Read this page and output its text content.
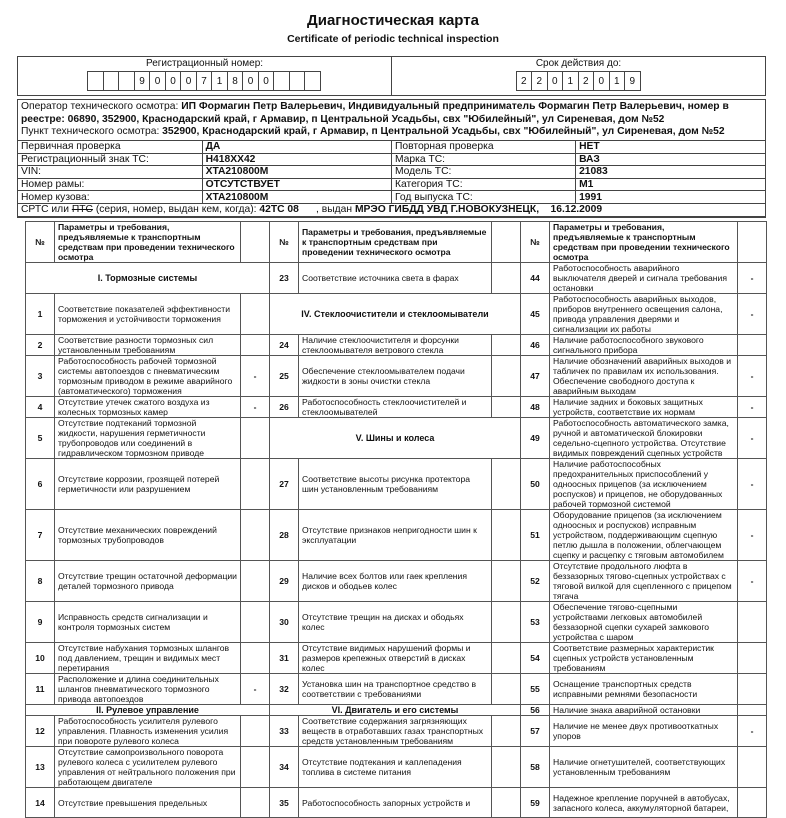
Диагностическая карта
Certificate of periodic technical inspection
Регистрационный номер:
9 0 0 0 7 1 8 0 0
Срок действия до:
2 2 0 1 2 0 1 9
Оператор технического осмотра: ИП Формагин Петр Валерьевич, Индивидуальный предприниматель Формагин Петр Валерьевич, номер в реестре: 06890, 352900, Краснодарский край, г Армавир, п Центральной Усадьбы, свх "Юбилейный", ул Сиреневая, дом №52
Пункт технического осмотра: 352900, Краснодарский край, г Армавир, п Центральной Усадьбы, свх "Юбилейный", ул Сиреневая, дом №52
Первичная проверка	ДА	Повторная проверка	НЕТ
Регистрационный знак ТС:	Н418ХХ42	Марка ТС:	ВАЗ
VIN:	XTA210800M	Модель ТС:	21083
Номер рамы:	ОТСУТСТВУЕТ	Категория ТС:	M1
Номер кузова:	XTA210800M	Год выпуска ТС:	1991
СРТС или ПТС (серия, номер, выдан кем, когда): 42ТС 08      , выдан МРЭО ГИБДД УВД Г.НОВОКУЗНЕЦК, 16.12.2009			
№	Параметры и требования, предъявляемые к транспортным средствам при проведении технического осмотра		№	Параметры и требования, предъявляемые к транспортным средствам при проведении технического осмотра		№	Параметры и требования, предъявляемые к транспортным средствам при проведении технического осмотра	
I. Тормозные системы			23	Соответствие источника света в фарах		44	Работоспособность аварийного выключателя дверей и сигнала требования остановки	-
1	Соответствие показателей эффективности торможения и устойчивости торможения		IV. Стеклоочистители и стеклоомыватели			45	Работоспособность аварийных выходов, приборов внутреннего освещения салона, привода управления дверями и сигнализации их работы	-
2	Соответствие разности тормозных сил установленным требованиям		24	Наличие стеклоочистителя и форсунки стеклоомывателя ветрового стекла		46	Наличие работоспособного звукового сигнального прибора	
3	Работоспособность рабочей тормозной системы автопоездов с пневматическим тормозным приводом в режиме аварийного (автоматического) торможения	-	25	Обеспечение стеклоомывателем подачи жидкости в зоны очистки стекла		47	Наличие обозначений аварийных выходов и табличек по правилам их использования. Обеспечение свободного доступа к аварийным выходам	-
4	Отсутствие утечек сжатого воздуха из колесных тормозных камер	-	26	Работоспособность стеклоочистителей и стеклоомывателей		48	Наличие задних и боковых защитных устройств, соответствие их нормам	-
5	Отсутствие подтеканий тормозной жидкости, нарушения герметичности трубопроводов или соединений в гидравлическом тормозном приводе		V. Шины и колеса			49	Работоспособность автоматического замка, ручной и автоматической блокировки седельно-сцепного устройства. Отсутствие видимых повреждений сцепных устройств	-
6	Отсутствие коррозии, грозящей потерей герметичности или разрушением		27	Соответствие высоты рисунка протектора шин установленным требованиям		50	Наличие работоспособных предохранительных приспособлений у одноосных прицепов (за исключением роспусков) и прицепов, не оборудованных рабочей тормозной системой	-
7	Отсутствие механических повреждений тормозных трубопроводов		28	Отсутствие признаков непригодности шин к эксплуатации		51	Оборудование прицепов (за исключением одноосных и роспусков) исправным устройством, поддерживающим сцепную петлю дышла в положении, облегчающем сцепку и расцепку с тяговым автомобилем	-
8	Отсутствие трещин остаточной деформации деталей тормозного привода		29	Наличие всех болтов или гаек крепления дисков и ободьев колес		52	Отсутствие продольного люфта в беззазорных тягово-сцепных устройствах с тяговой вилкой для сцепленного с прицепом тягача	-
9	Исправность средств сигнализации и контроля тормозных систем		30	Отсутствие трещин на дисках и ободьях колес		53	Обеспечение тягово-сцепными устройствами легковых автомобилей беззазорной сцепки сухарей замкового устройства с шаром	
10	Отсутствие набухания тормозных шлангов под давлением, трещин и видимых мест перетирания		31	Отсутствие видимых нарушений формы и размеров крепежных отверстий в дисках колес		54	Соответствие размерных характеристик сцепных устройств установленным требованиям	
11	Расположение и длина соединительных шлангов пневматического тормозного привода автопоездов	-	32	Установка шин на транспортное средство в соответствии с требованиями		55	Оснащение транспортных средств исправными ремнями безопасности	
II. Рулевое управление			VI. Двигатель и его системы			56	Наличие знака аварийной остановки	
12	Работоспособность усилителя рулевого управления. Плавность изменения усилия при повороте рулевого колеса		33	Соответствие содержания загрязняющих веществ в отработавших газах транспортных средств установленным требованиям		57	Наличие не менее двух противооткатных упоров	-
13	Отсутствие самопроизвольного поворота рулевого колеса с усилителем рулевого управления от нейтрального положения при работающем двигателе		34	Отсутствие подтекания и каплепадения топлива в системе питания		58	Наличие огнетушителей, соответствующих установленным требованиям	
14	Отсутствие превышения предельных		35	Работоспособность запорных устройств и		59	Надежное крепление поручней в автобусах, запасного колеса, аккумуляторной батареи,	
